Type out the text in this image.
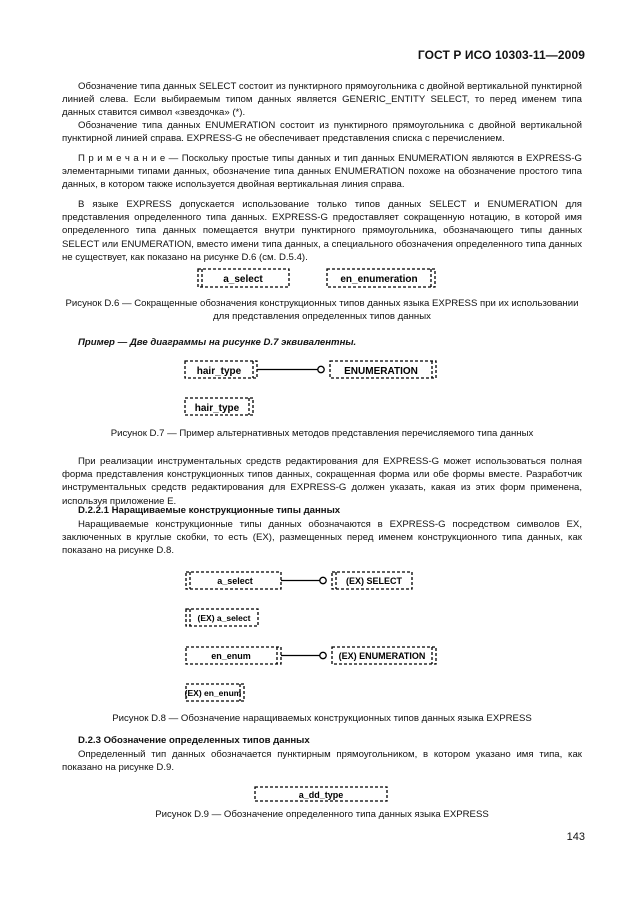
ГОСТ Р ИСО 10303-11—2009
Обозначение типа данных SELECT состоит из пунктирного прямоугольника с двойной вертикальной пунктирной линией слева. Если выбираемым типом данных является GENERIC_ENTITY SELECT, то перед именем типа данных ставится символ «звездочка» (*).
Обозначение типа данных ENUMERATION состоит из пунктирного прямоугольника с двойной вертикальной пунктирной линией справа. EXPRESS-G не обеспечивает представления списка с перечислением.
П р и м е ч а н и е — Поскольку простые типы данных и тип данных ENUMERATION являются в EXPRESS-G элементарными типами данных, обозначение типа данных ENUMERATION похоже на обозначение простого типа данных, в котором также используется двойная вертикальная линия справа.
В языке EXPRESS допускается использование только типов данных SELECT и ENUMERATION для представления определенного типа данных. EXPRESS-G предоставляет сокращенную нотацию, в которой имя определенного типа данных помещается внутри пунктирного прямоугольника, обозначающего типы данных SELECT или ENUMERATION, вместо имени типа данных, а специального обозначения определенного типа данных не существует, как показано на рисунке D.6 (см. D.5.4).
Рисунок D.6 — Сокращенные обозначения конструкционных типов данных языка EXPRESS при их использовании для представления определенных типов данных
Пример — Две диаграммы на рисунке D.7 эквивалентны.
Рисунок D.7 — Пример альтернативных методов представления перечисляемого типа данных
При реализации инструментальных средств редактирования для EXPRESS-G может использоваться полная форма представления конструкционных типов данных, сокращенная форма или обе формы вместе. Разработчик инструментальных средств редактирования для EXPRESS-G должен указать, какая из этих форм применена, используя приложение Е.
D.2.2.1 Наращиваемые конструкционные типы данных
Наращиваемые конструкционные типы данных обозначаются в EXPRESS-G посредством символов EX, заключенных в круглые скобки, то есть (EX), размещенных перед именем конструкционного типа данных, как показано на рисунке D.8.
Рисунок D.8 — Обозначение наращиваемых конструкционных типов данных языка EXPRESS
D.2.3 Обозначение определенных типов данных
Определенный тип данных обозначается пунктирным прямоугольником, в котором указано имя типа, как показано на рисунке D.9.
Рисунок D.9 — Обозначение определенного типа данных языка EXPRESS
143
a_select	en_enumeration
hair_type	ENUMERATION
hair_type
a_select	(EX) SELECT
(EX) a_select
en_enum	(EX) ENUMERATION
(EX) en_enum
a_dd_type
